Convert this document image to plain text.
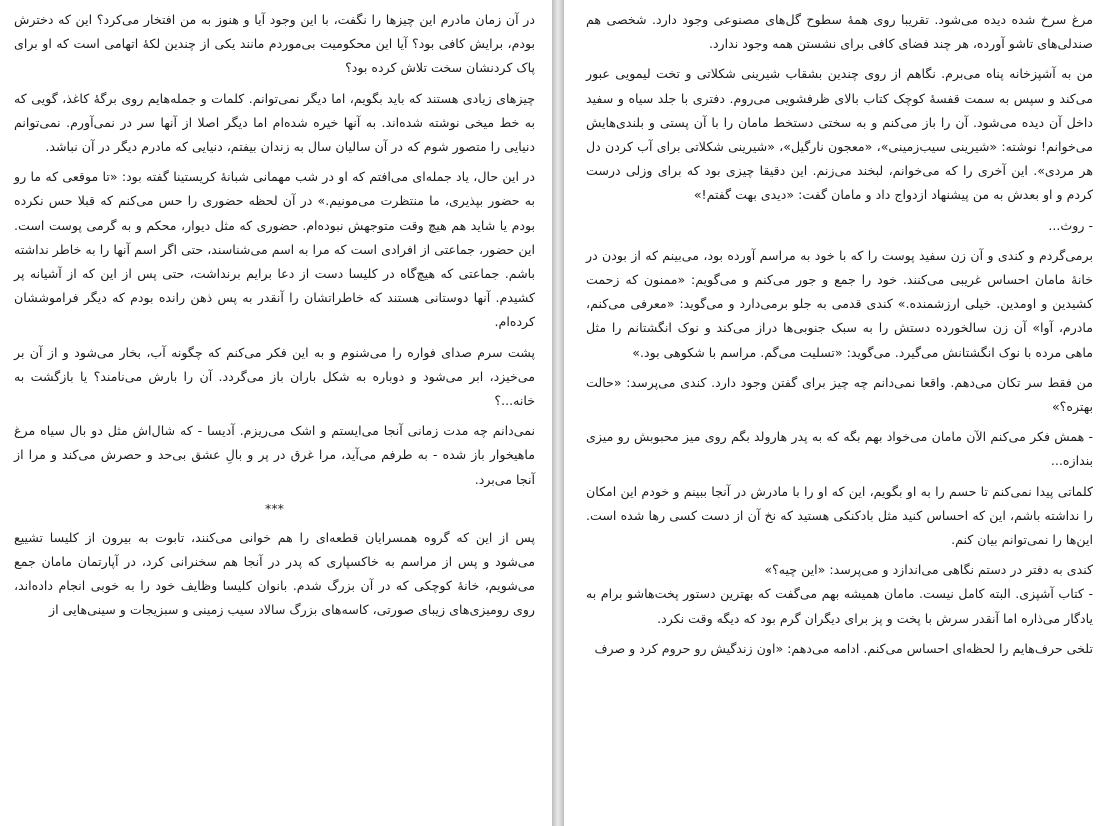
در آن زمان مادرم این چیزها را نگفت، با این وجود آیا و هنوز به من افتخار می‌کرد؟ این که دخترش بودم، برایش کافی بود؟ آیا این محکومیت بی‌موردم مانند یکی از چندین لکهٔ اتهامی است که او برای پاک کردنشان سخت تلاش کرده بود؟

چیزهای زیادی هستند که باید بگویم، اما دیگر نمی‌توانم. کلمات و جمله‌هایم روی برگهٔ کاغذ، گویی که به خط میخی نوشته شده‌اند. به آنها خیره شده‌ام اما دیگر اصلا از آنها سر در نمی‌آورم. نمی‌توانم دنیایی را متصور شوم که در آن سالیان سال به زندان بیفتم، دنیایی که مادرم دیگر در آن نباشد.

در این حال، یاد جمله‌ای می‌افتم که او در شب مهمانی شبانهٔ کریستینا گفته بود: «تا موقعی که ما رو به حضور بپذیری، ما منتظرت می‌مونیم.» در آن لحظه حضوری را حس می‌کنم که قبلا حس نکرده بودم یا شاید هم هیچ وقت متوجهش نبوده‌ام. حضوری که مثل دیوار، محکم و به گرمی پوست است. این حضور، جماعتی از افرادی است که مرا به اسم می‌شناسند، حتی اگر اسم آنها را به خاطر نداشته باشم. جماعتی که هیچ‌گاه در کلیسا دست از دعا برایم برنداشت، حتی پس از این که از آشیانه پر کشیدم. آنها دوستانی هستند که خاطراتشان را آنقدر به پس ذهن رانده بودم که دیگر فراموششان کرده‌ام.

پشت سرم صدای فواره را می‌شنوم و به این فکر می‌کنم که چگونه آب، بخار می‌شود و از آن بر می‌خیزد، ابر می‌شود و دوباره به شکل باران باز می‌گردد. آن را بارش می‌نامند؟ یا بازگشت به خانه...؟

نمی‌دانم چه مدت زمانی آنجا می‌ایستم و اشک می‌ریزم. آدیسا - که شال‌اش مثل دو بال سیاه مرغ ماهیخوار باز شده - به طرفم می‌آید، مرا غرق در پر و بالِ عشق بی‌حد و حصرش می‌کند و مرا از آنجا می‌برد.

***

پس از این که گروه همسرایان قطعه‌ای را هم خوانی می‌کنند، تابوت به بیرون از کلیسا تشییع می‌شود و پس از مراسم به خاکسپاری که پدر در آنجا هم سخنرانی کرد، در آپارتمان مامان جمع می‌شویم، خانهٔ کوچکی که در آن بزرگ شدم. بانوان کلیسا وظایف خود را به خوبی انجام داده‌اند، روی رومیزی‌های زیبای صورتی، کاسه‌های بزرگ سالاد سیب زمینی و سبزیجات و سینی‌هایی از

مرغ سرخ شده دیده می‌شود. تقریبا روی همهٔ سطوح گل‌های مصنوعی وجود دارد. شخصی هم صندلی‌های تاشو آورده، هر چند فضای کافی برای نشستن همه وجود ندارد.

من به آشپزخانه پناه می‌برم. نگاهم از روی چندین بشقاب شیرینی شکلاتی و تخت لیمویی عبور می‌کند و سپس به سمت قفسهٔ کوچک کتاب بالای ظرفشویی می‌روم. دفتری با جلد سیاه و سفید داخل آن دیده می‌شود. آن را باز می‌کنم و به سختی دستخط مامان را با آن پستی و بلندی‌هایش می‌خوانم! نوشته: «شیرینی سیب‌زمینی»، «معجون نارگیل»، «شیرینی شکلاتی برای آب کردن دل هر مردی». این آخری را که می‌خوانم، لبخند می‌زنم. این دقیقا چیزی بود که برای وزلی درست کردم و او بعدش به من پیشنهاد ازدواج داد و مامان گفت: «دیدی بهت گفتم!»

- روث...

برمی‌گردم و کندی و آن زن سفید پوست را که با خود به مراسم آورده بود، می‌بینم که از بودن در خانهٔ مامان احساس غریبی می‌کنند. خود را جمع و جور می‌کنم و می‌گویم: «ممنون که زحمت کشیدین و اومدین. خیلی ارزشمنده.» کندی قدمی به جلو برمی‌دارد و می‌گوید: «معرفی می‌کنم، مادرم، آوا» آن زن سالخورده دستش را به سبک جنوبی‌ها دراز می‌کند و نوک انگشتانم را مثل ماهی مرده با نوک انگشتانش می‌گیرد. می‌گوید: «تسلیت می‌گم. مراسم با شکوهی بود.»

من فقط سر تکان می‌دهم. واقعا نمی‌دانم چه چیز برای گفتن وجود دارد. کندی می‌پرسد: «حالت بهتره؟»

- همش فکر می‌کنم الآن مامان می‌خواد بهم بگه که به پدر هارولد بگم روی میز محبوبش رو میزی بندازه...

کلماتی پیدا نمی‌کنم تا حسم را به او بگویم، این که او را با مادرش در آنجا ببینم و خودم این امکان را نداشته باشم، این که احساس کنید مثل بادکنکی هستید که نخ آن از دست کسی رها شده است. این‌ها را نمی‌توانم بیان کنم.

کندی به دفتر در دستم نگاهی می‌اندازد و می‌پرسد: «این چیه؟»
- کتاب آشپزی. البته کامل نیست. مامان همیشه بهم می‌گفت که بهترین دستور پخت‌هاشو برام به یادگار می‌ذاره اما آنقدر سرش با پخت و پز برای دیگران گرم بود که دیگه وقت نکرد.

تلخی حرف‌هایم را لحظه‌ای احساس می‌کنم. ادامه می‌دهم: «اون زندگیش رو حروم کرد و صرف
